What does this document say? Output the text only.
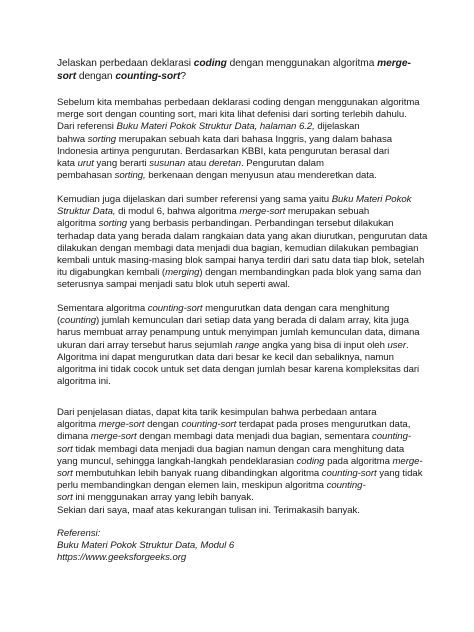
Jelaskan perbedaan deklarasi coding dengan menggunakan algoritma merge-
sort dengan counting-sort?
Sebelum kita membahas perbedaan deklarasi coding dengan menggunakan algoritma
merge sort dengan counting sort, mari kita lihat defenisi dari sorting terlebih dahulu.
Dari referensi Buku Materi Pokok Struktur Data, halaman 6.2, dijelaskan
bahwa sorting merupakan sebuah kata dari bahasa Inggris, yang dalam bahasa
Indonesia artinya pengurutan. Berdasarkan KBBI, kata pengurutan berasal dari
kata urut yang berarti susunan atau deretan. Pengurutan dalam
pembahasan sorting, berkenaan dengan menyusun atau menderetkan data.
Kemudian juga dijelaskan dari sumber referensi yang sama yaitu Buku Materi Pokok
Struktur Data, di modul 6, bahwa algoritma merge-sort merupakan sebuah
algoritma sorting yang berbasis perbandingan. Perbandingan tersebut dilakukan
terhadap data yang berada dalam rangkaian data yang akan diurutkan, pengurutan data
dilakukan dengan membagi data menjadi dua bagian, kemudian dilakukan pembagian
kembali untuk masing-masing blok sampai hanya terdiri dari satu data tiap blok, setelah
itu digabungkan kembali (merging) dengan membandingkan pada blok yang sama dan
seterusnya sampai menjadi satu blok utuh seperti awal.
Sementara algoritma counting-sort mengurutkan data dengan cara menghitung
(counting) jumlah kemunculan dari setiap data yang berada di dalam array, kita juga
harus membuat array penampung untuk menyimpan jumlah kemunculan data, dimana
ukuran dari array tersebut harus sejumlah range angka yang bisa di input oleh user.
Algoritma ini dapat mengurutkan data dari besar ke kecil dan sebaliknya, namun
algoritma ini tidak cocok untuk set data dengan jumlah besar karena kompleksitas dari
algoritma ini.
Dari penjelasan diatas, dapat kita tarik kesimpulan bahwa perbedaan antara
algoritma merge-sort dengan counting-sort terdapat pada proses mengurutkan data,
dimana merge-sort dengan membagi data menjadi dua bagian, sementara counting-
sort tidak membagi data menjadi dua bagian namun dengan cara menghitung data
yang muncul, sehingga langkah-langkah pendeklarasian coding pada algoritma merge-
sort membutuhkan lebih banyak ruang dibandingkan algoritma counting-sort yang tidak
perlu membandingkan dengan elemen lain, meskipun algoritma counting-
sort ini menggunakan array yang lebih banyak.
Sekian dari saya, maaf atas kekurangan tulisan ini. Terimakasih banyak.
Referensi:
Buku Materi Pokok Struktur Data, Modul 6
https://www.geeksforgeeks.org
